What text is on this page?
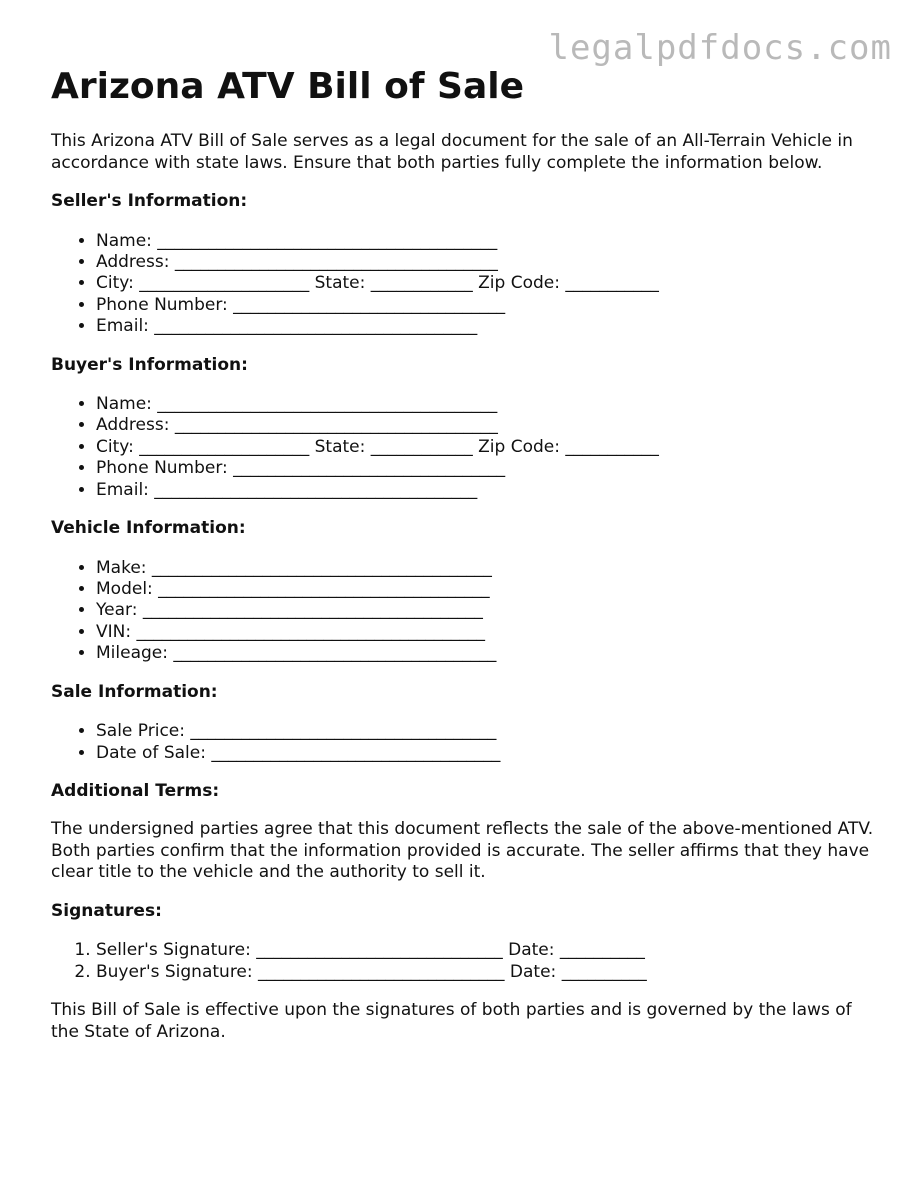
legalpdfdocs.com
Arizona ATV Bill of Sale

This Arizona ATV Bill of Sale serves as a legal document for the sale of an All-Terrain Vehicle in accordance with state laws. Ensure that both parties fully complete the information below.

Seller's Information:
• Name: ________________________________________
• Address: ______________________________________
• City: ____________________ State: ____________ Zip Code: ___________
• Phone Number: ________________________________
• Email: ______________________________________
Buyer's Information:
• Name: ________________________________________
• Address: ______________________________________
• City: ____________________ State: ____________ Zip Code: ___________
• Phone Number: ________________________________
• Email: ______________________________________
Vehicle Information:
• Make: ________________________________________
• Model: _______________________________________
• Year: ________________________________________
• VIN: _________________________________________
• Mileage: ______________________________________
Sale Information:
• Sale Price: ____________________________________
• Date of Sale: __________________________________
Additional Terms:

The undersigned parties agree that this document reflects the sale of the above-mentioned ATV. Both parties confirm that the information provided is accurate. The seller affirms that they have clear title to the vehicle and the authority to sell it.

Signatures:
1. Seller's Signature: _____________________________ Date: __________
2. Buyer's Signature: _____________________________ Date: __________

This Bill of Sale is effective upon the signatures of both parties and is governed by the laws of the State of Arizona.
